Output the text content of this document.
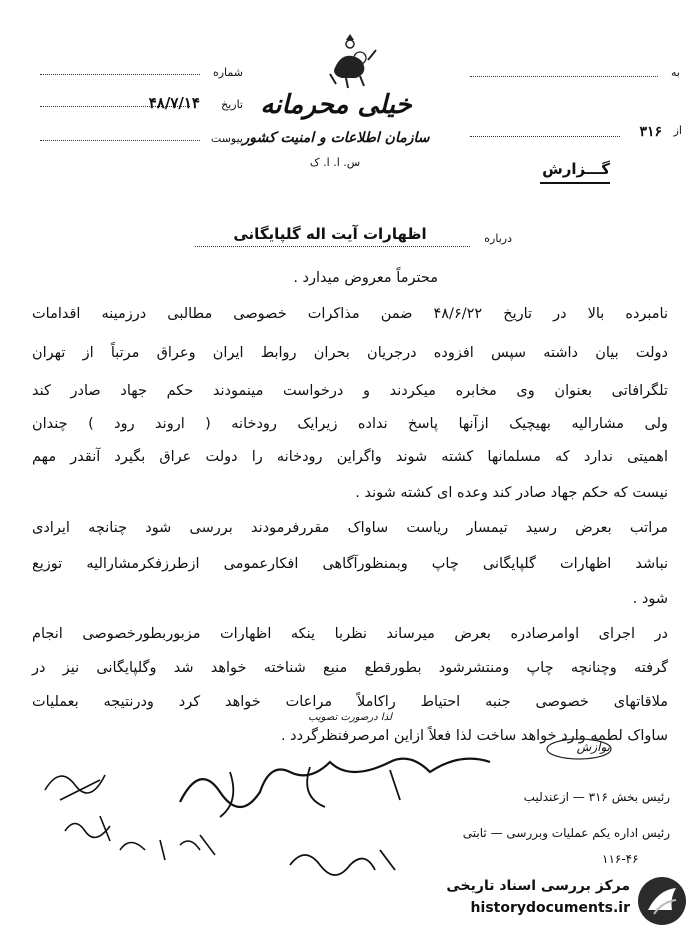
شماره
۴۸/۷/۱۴	تاریخ
پیوست
خیلی محرمانه
سازمان اطلاعات و امنیت کشور
س. ا. ا. ک
به
از
۳۱۶
گـــزارش
درباره
اظهارات آیت اله گلپایگانی
محترماً معروض میدارد .
نامبرده بالا در تاریخ ۴۸/۶/۲۲ ضمن مذاکرات خصوصی مطالبی درزمینه اقدامات
دولت بیان داشته سپس افزوده درجریان بحران روابط ایران وعراق مرتباً از تهران
تلگرافاتی بعنوان وی مخابره میکردند و درخواست مینمودند حکم جهاد صادر کند
ولی مشارالیه بهیچیک ازآنها پاسخ نداده زیرایک رودخانه ( اروند رود ) چندان
اهمیتی ندارد که مسلمانها کشته شوند واگراین رودخانه را دولت عراق بگیرد آنقدر مهم
نیست که حکم جهاد صادر کند وعده ای کشته شوند .
مراتب بعرض رسید تیمسار ریاست ساواک مقررفرمودند بررسی شود چنانچه ایرادی
نباشد اظهارات گلپایگانی چاپ وبمنظورآگاهی افکارعمومی ازطرزفکرمشارالیه توزیع
شود .
در اجرای اوامرصادره بعرض میرساند نظربا ینکه اظهارات مزبوربطورخصوصی انجام
گرفته وچنانچه چاپ ومنتشرشود بطورقطع منبع شناخته خواهد شد وگلپایگانی نیز در
ملاقاتهای خصوصی جنبه احتیاط راکاملاً مراعات خواهد کرد ودرنتیجه بعملیات
لذا درصورت تصویب
ساواک لطمه وارد خواهد ساخت لذا فعلاً ازاین امرصرفنظرگردد .
نوازش
رئیس بخش ۳۱۶ — ازعندلیب
رئیس اداره یکم عملیات وبررسی — ثابتی
۱۱۶-۴۶
مرکز بررسی اسناد تاریخی
historydocuments.ir
